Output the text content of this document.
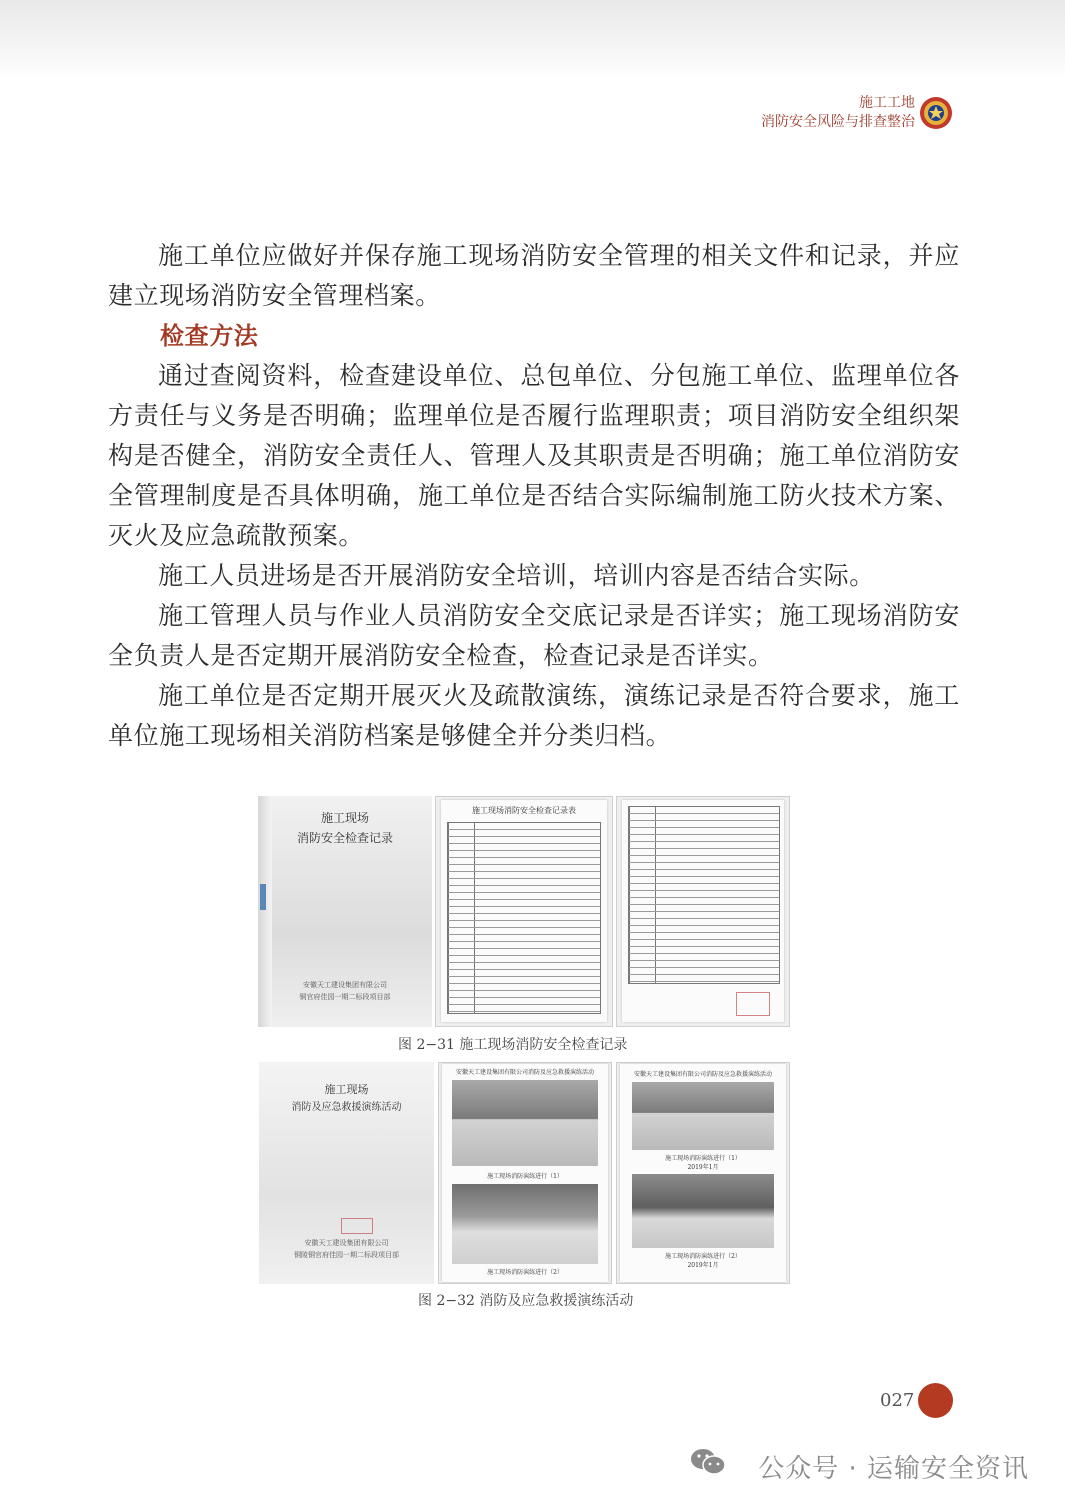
施工工地
消防安全风险与排查整治

施工单位应做好并保存施工现场消防安全管理的相关文件和记录，并应建立现场消防安全管理档案。

检查方法

通过查阅资料，检查建设单位、总包单位、分包施工单位、监理单位各方责任与义务是否明确；监理单位是否履行监理职责；项目消防安全组织架构是否健全，消防安全责任人、管理人及其职责是否明确；施工单位消防安全管理制度是否具体明确，施工单位是否结合实际编制施工防火技术方案、灭火及应急疏散预案。

施工人员进场是否开展消防安全培训，培训内容是否结合实际。

施工管理人员与作业人员消防安全交底记录是否详实；施工现场消防安全负责人是否定期开展消防安全检查，检查记录是否详实。

施工单位是否定期开展灭火及疏散演练，演练记录是否符合要求，施工单位施工现场相关消防档案是够健全并分类归档。

施工现场
消防安全检查记录
安徽天工建设集团有限公司
铜官府佳园一期二标段项目部
施工现场消防安全检查记录表
图 2−31 施工现场消防安全检查记录
施工现场
消防及应急救援演练活动
安徽天工建设集团有限公司
铜陵铜官府佳园一期二标段项目部
安徽天工建设集团有限公司消防及应急救援演练活动
施工现场消防演练进行（1）
施工现场消防演练进行（2）
安徽天工建设集团有限公司消防及应急救援演练活动
施工现场消防演练进行（1）
2019年1月
施工现场消防演练进行（2）
2019年1月
图 2−32 消防及应急救援演练活动
027
公众号 · 运输安全资讯
